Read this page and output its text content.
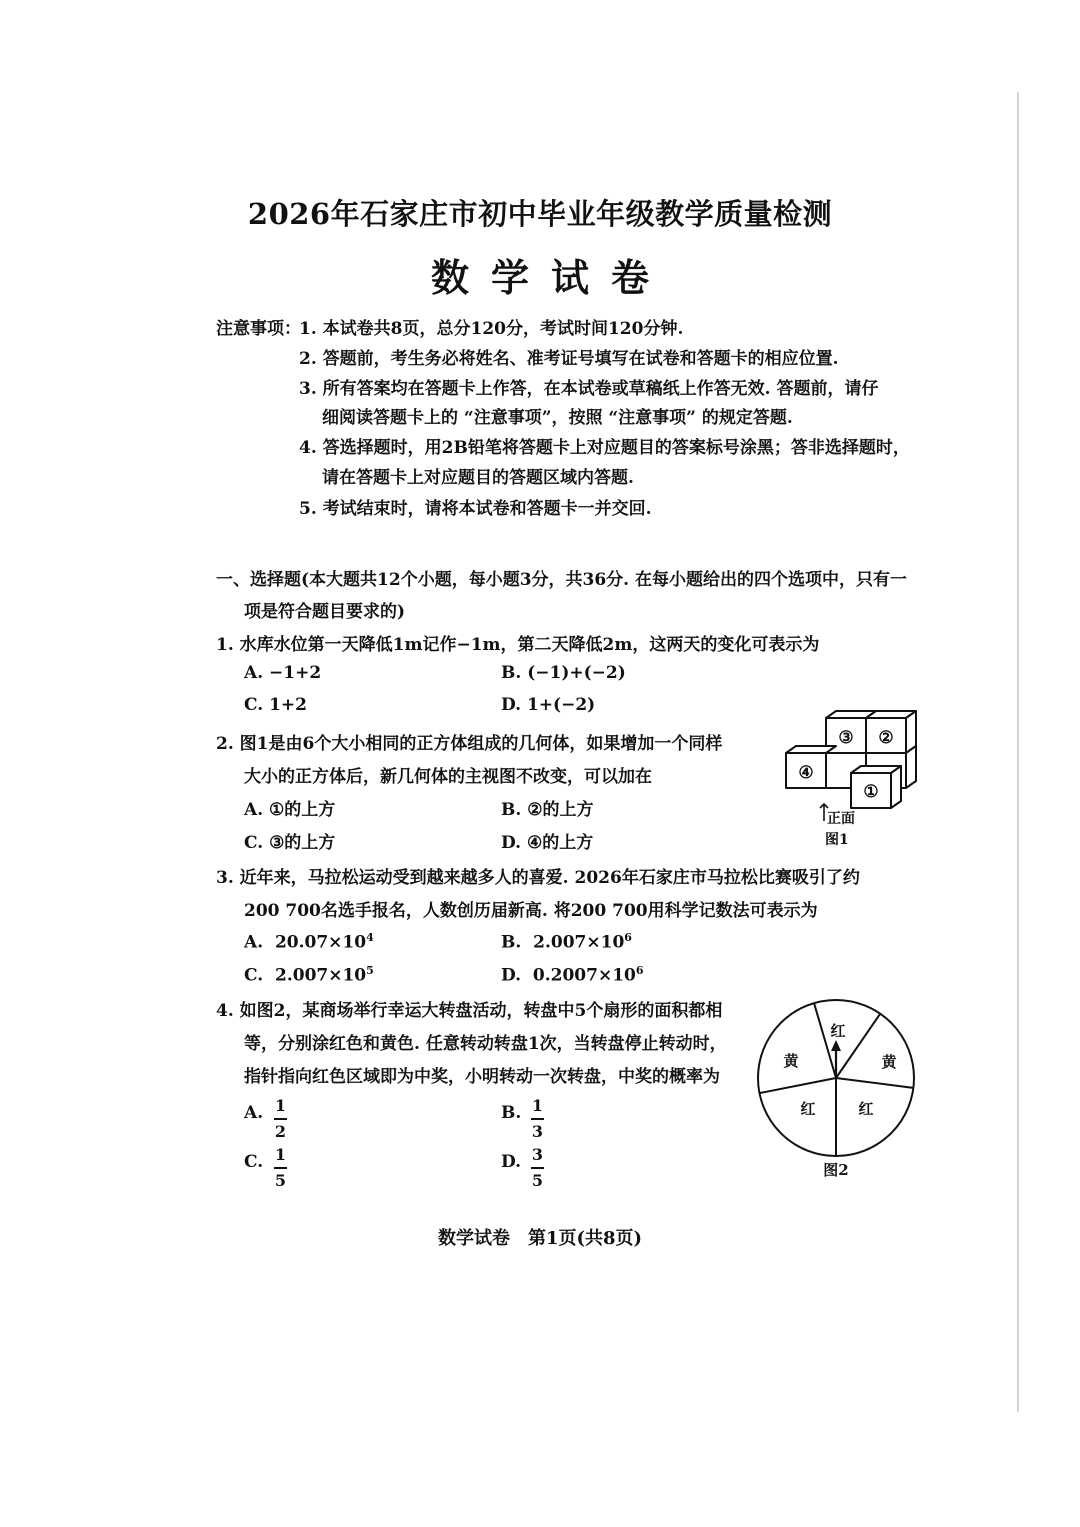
2026年石家庄市初中毕业年级教学质量检测
数学试卷
注意事项：
1. 本试卷共8页，总分120分，考试时间120分钟.
2. 答题前，考生务必将姓名、准考证号填写在试卷和答题卡的相应位置.
3. 所有答案均在答题卡上作答，在本试卷或草稿纸上作答无效. 答题前，请仔
细阅读答题卡上的 “注意事项”，按照 “注意事项” 的规定答题.
4. 答选择题时，用2B铅笔将答题卡上对应题目的答案标号涂黑；答非选择题时，
请在答题卡上对应题目的答题区域内答题.
5. 考试结束时，请将本试卷和答题卡一并交回.
一、选择题(本大题共12个小题，每小题3分，共36分. 在每小题给出的四个选项中，只有一
项是符合题目要求的)
1. 水库水位第一天降低1m记作−1m，第二天降低2m，这两天的变化可表示为
A. −1+2	B. (−1)+(−2)
C. 1+2	D. 1+(−2)
2. 图1是由6个大小相同的正方体组成的几何体，如果增加一个同样
大小的正方体后，新几何体的主视图不改变，可以加在
A. ①的上方	B. ②的上方
C. ③的上方	D. ④的上方
③ ②
④
①
正面
图1
3. 近年来，马拉松运动受到越来越多人的喜爱. 2026年石家庄市马拉松比赛吸引了约
200 700名选手报名，人数创历届新高. 将200 700用科学记数法可表示为
A. $20.07\times 10^4$	B. $2.007\times 10^6$
C. $2.007\times 10^5$	D. $0.2007\times 10^6$
4. 如图2，某商场举行幸运大转盘活动，转盘中5个扇形的面积都相
等，分别涂红色和黄色. 任意转动转盘1次，当转盘停止转动时，
指针指向红色区域即为中奖，小明转动一次转盘，中奖的概率为
A. 1
2
B. 1
3
C. 1
5
D. 3
5
红
黄	黄
红	红
图2
数学试卷　第1页(共8页)
